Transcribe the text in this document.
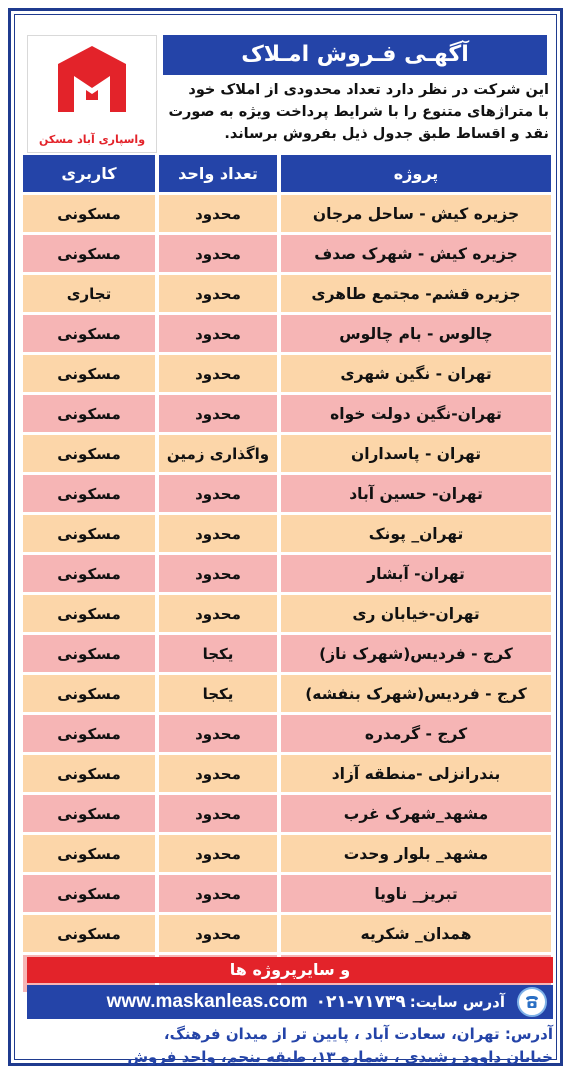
واسپاری آباد مسکن
آگهـی فـروش امـلاک
این شرکت در نظر دارد تعداد محدودی از املاک خود
با متراژهای متنوع را با شرایط پرداخت ویژه به صورت
نقد و اقساط طبق جدول ذیل بفروش برساند.
پروژه
تعداد واحد
کاربری
جزیره کیش - ساحل مرجان
محدود
مسکونی
جزیره کیش - شهرک صدف
محدود
مسکونی
جزیره قشم- مجتمع طاهری
محدود
تجاری
چالوس - بام چالوس
محدود
مسکونی
تهران - نگین شهری
محدود
مسکونی
تهران-نگین دولت خواه
محدود
مسکونی
تهران - پاسداران
واگذاری زمین
مسکونی
تهران- حسین آباد
محدود
مسکونی
تهران_ پونک
محدود
مسکونی
تهران- آبشار
محدود
مسکونی
تهران-خیابان ری
محدود
مسکونی
کرج - فردیس(شهرک ناز)
یکجا
مسکونی
کرج - فردیس(شهرک بنفشه)
یکجا
مسکونی
کرج - گرمدره
محدود
مسکونی
بندرانزلی -منطقه آزاد
محدود
مسکونی
مشهد_شهرک غرب
محدود
مسکونی
مشهد_ بلوار وحدت
محدود
مسکونی
تبریز_ ناویا
محدود
مسکونی
همدان_ شکریه
محدود
مسکونی
و سایرپروژه ها
آدرس سایت:
۰۲۱-۷۱۷۳۹
www.maskanleas.com
آدرس: تهران، سعادت آباد ، پایین تر از میدان فرهنگ،
خیابان داوود رشیدی ، شماره ۱۳، طبقه پنجم، واحد فروش
